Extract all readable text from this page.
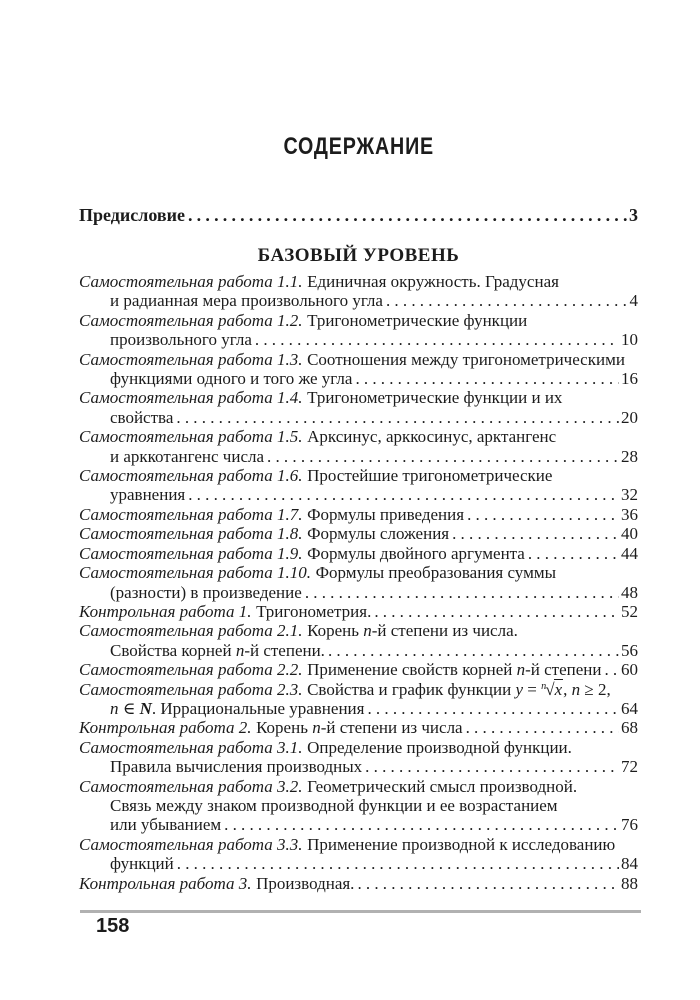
СОДЕРЖАНИЕ
Предисловие .....	3
БАЗОВЫЙ УРОВЕНЬ
Самостоятельная работа 1.1. Единичная окружность. Градусная
и радианная мера произвольного угла .....	4
Самостоятельная работа 1.2. Тригонометрические функции
произвольного угла .....	10
Самостоятельная работа 1.3. Соотношения между тригонометрическими
функциями одного и того же угла .....	16
Самостоятельная работа 1.4. Тригонометрические функции и их
свойства .....	20
Самостоятельная работа 1.5. Арксинус, арккосинус, арктангенс
и арккотангенс числа .....	28
Самостоятельная работа 1.6. Простейшие тригонометрические
уравнения .....	32
Самостоятельная работа 1.7. Формулы приведения .....	36
Самостоятельная работа 1.8. Формулы сложения .....	40
Самостоятельная работа 1.9. Формулы двойного аргумента .....	44
Самостоятельная работа 1.10. Формулы преобразования суммы
(разности) в произведение .....	48
Контрольная работа 1. Тригонометрия. .....	52
Самостоятельная работа 2.1. Корень n-й степени из числа.
Свойства корней n-й степени. .....	56
Самостоятельная работа 2.2. Применение свойств корней n-й степени ..... 60
Самостоятельная работа 2.3. Свойства и график функции y = $^n$√x, n ≥ 2,
n ∈ N. Иррациональные уравнения .....	64
Контрольная работа 2. Корень n-й степени из числа .....	68
Самостоятельная работа 3.1. Определение производной функции.
Правила вычисления производных .....	72
Самостоятельная работа 3.2. Геометрический смысл производной.
Связь между знаком производной функции и ее возрастанием
или убыванием .....	76
Самостоятельная работа 3.3. Применение производной к исследованию
функций .....	84
Контрольная работа 3. Производная. .....	88
158
